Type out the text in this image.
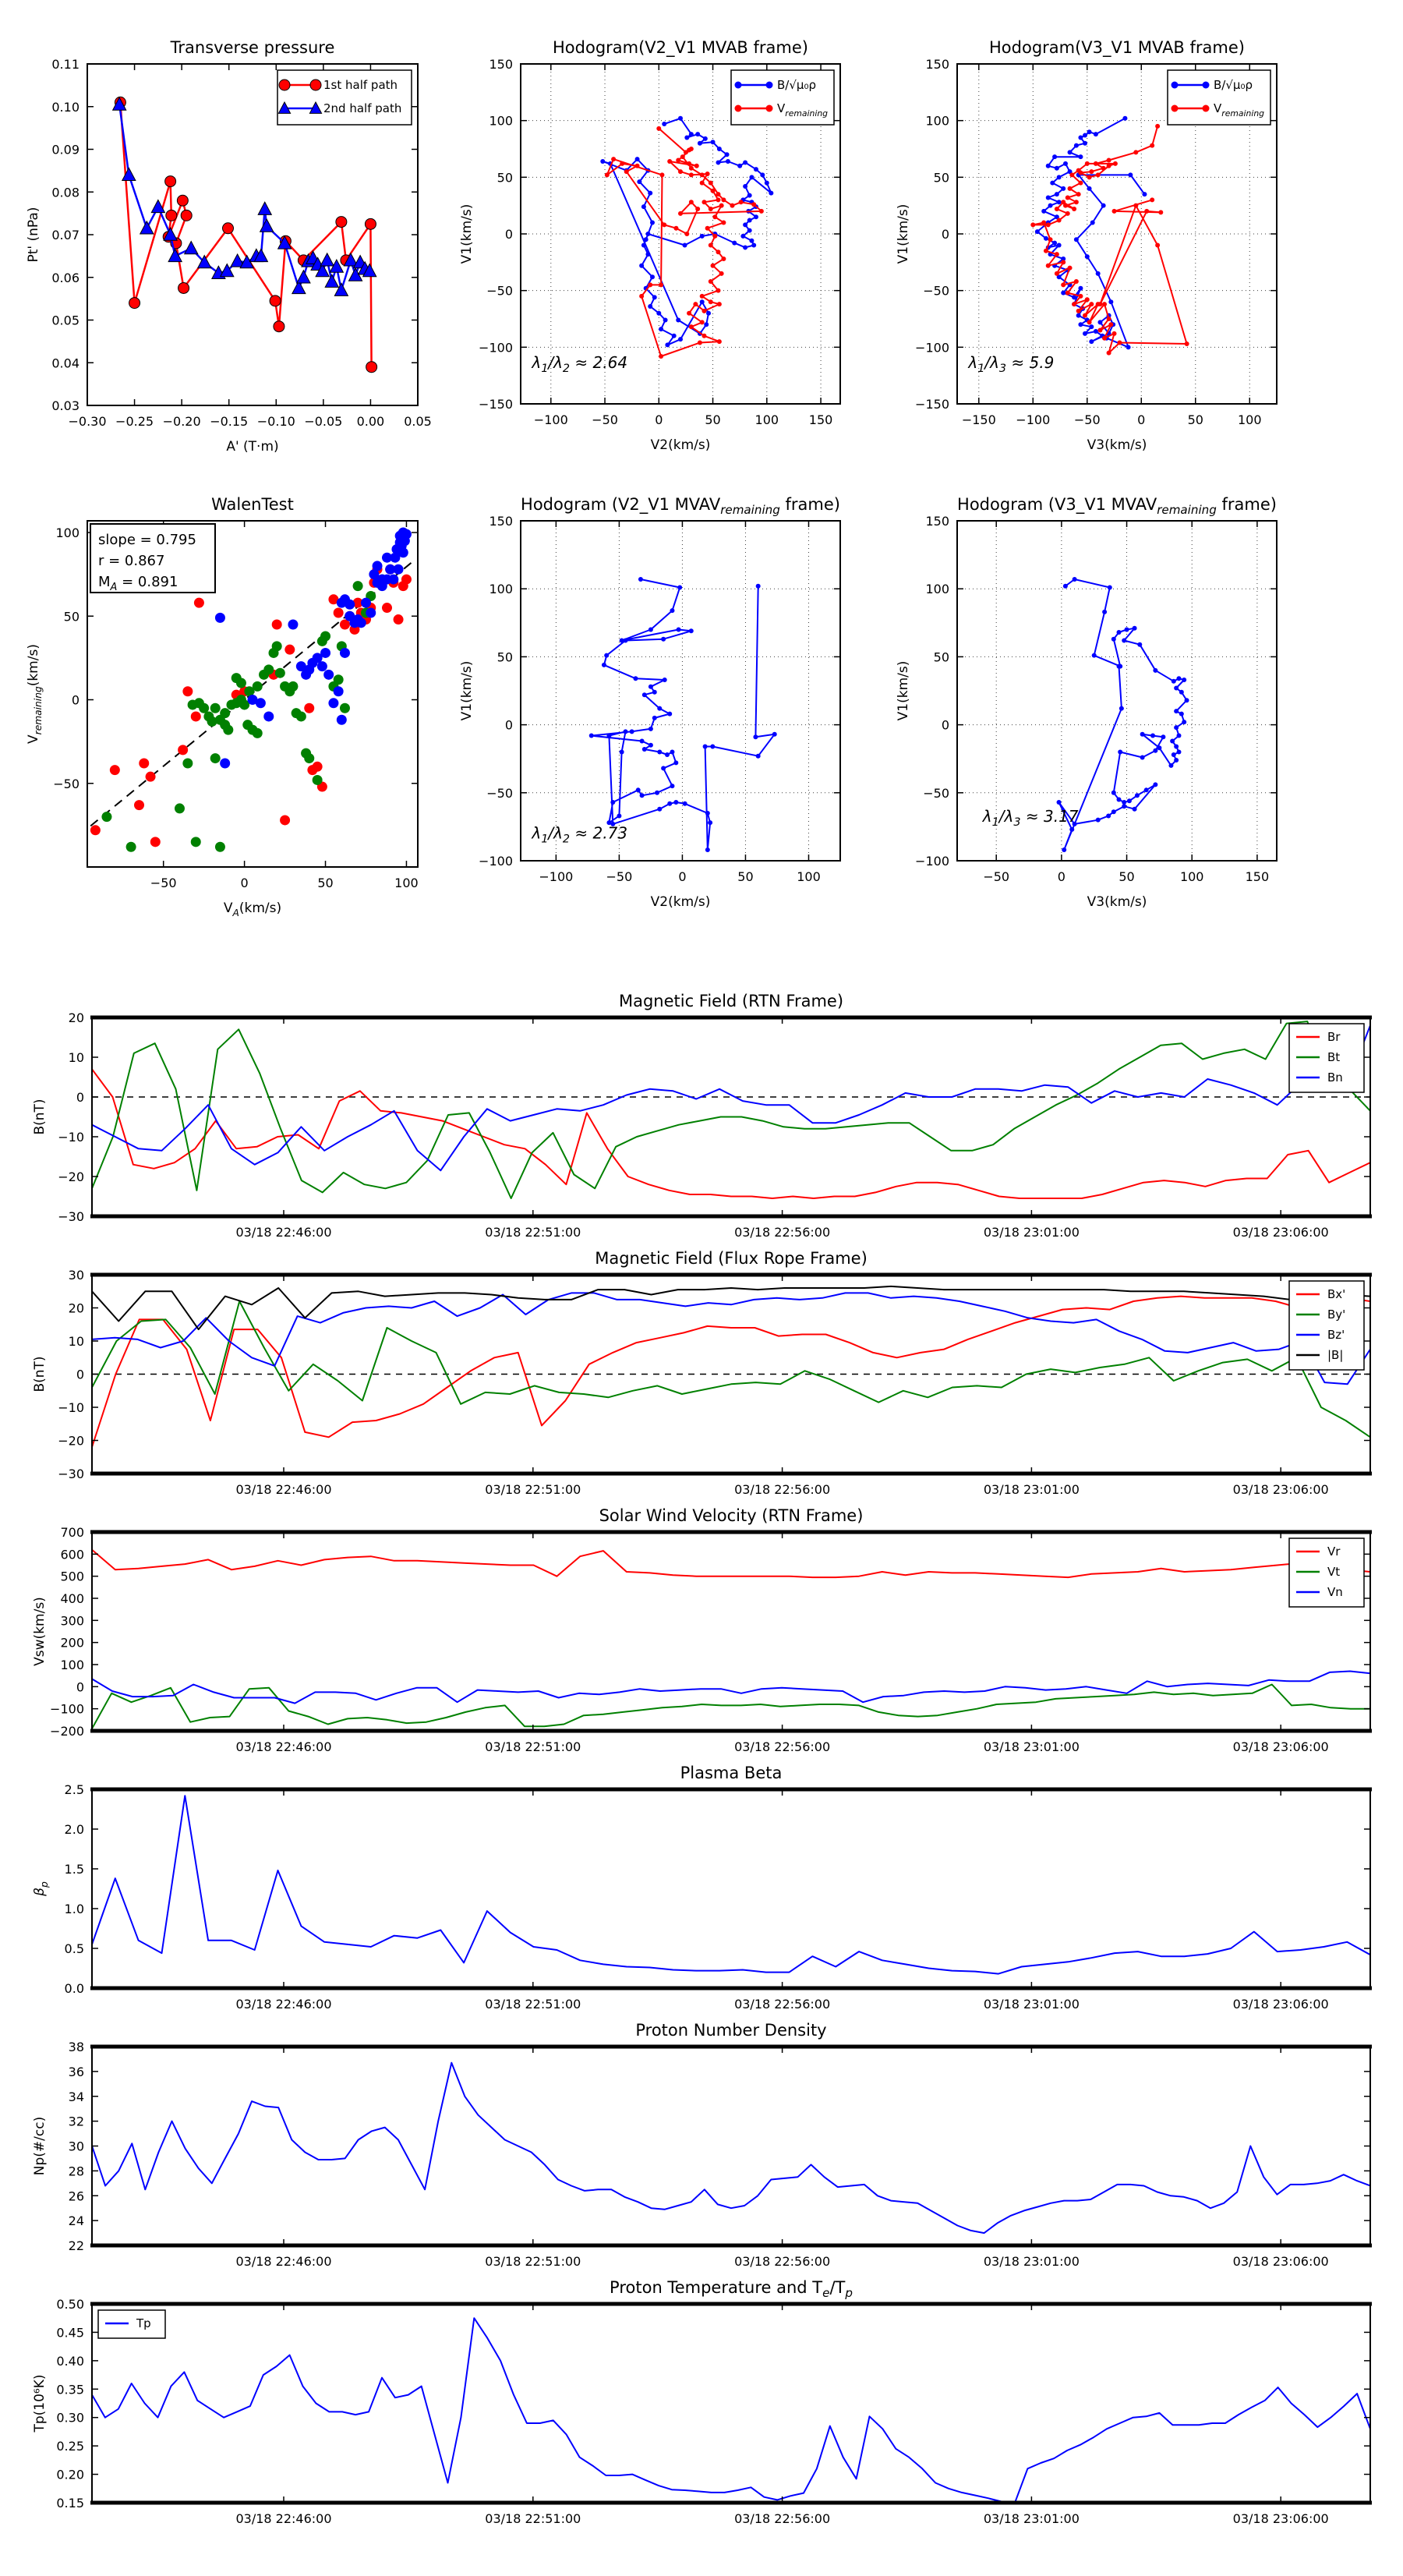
−0.30 −0.25 −0.20 −0.15 −0.10 −0.05 0.00 0.05
0.03
0.04
0.05
0.06
0.07
0.08
0.09
0.10
0.11
Transverse pressure
A' (T·m)
Pt' (nPa)
1st half path
2nd half path
−100 −50	0	50	100 150
−150
−100
−50
0
50
100
150
Hodogram(V2_V1 MVAB frame)
V2(km/s)
V1(km/s)
B/√μ₀ρ
$V_{remaining}$
$\lambda_1/\lambda_2 \approx 2.64$
−150 −100 −50	0	50	100
−150
−100
−50
0
50
100
150
Hodogram(V3_V1 MVAB frame)
V3(km/s)
V1(km/s)
B/√μ₀ρ
$V_{remaining}$
$\lambda_1/\lambda_3 \approx 5.9$
−50	0	50	100
−50
0
50
100
WalenTest
$V_A(km/s)$
$V_{remaining}(km/s)$
slope = 0.795
r = 0.867
$M_A = 0.891$
−100	−50	0	50	100
−100
−50
0
50
100
150
Hodogram (V2_V1 $MVAV_{remaining}$ frame)
V2(km/s)
V1(km/s)
$\lambda_1/\lambda_2 \approx 2.73$
−50	0	50	100	150
−100
−50
0
50
100
150
Hodogram (V3_V1 $MVAV_{remaining}$ frame)
V3(km/s)
V1(km/s)
$\lambda_1/\lambda_3 \approx 3.17$
03/18 22:46:00	03/18 22:51:00	03/18 22:56:00	03/18 23:01:00	03/18 23:06:00
−30
−20
−10
0
10
20
Magnetic Field (RTN Frame)
B(nT)
Br
Bt
Bn
03/18 22:46:00	03/18 22:51:00	03/18 22:56:00	03/18 23:01:00	03/18 23:06:00
−30
−20
−10
0
10
20
30
Magnetic Field (Flux Rope Frame)
B(nT)
Bx'
By'
Bz'
|B|
03/18 22:46:00	03/18 22:51:00	03/18 22:56:00	03/18 23:01:00	03/18 23:06:00
−200
−100
0
100
200
300
400
500
600
700
Solar Wind Velocity (RTN Frame)
Vsw(km/s)
Vr
Vt
Vn
03/18 22:46:00	03/18 22:51:00	03/18 22:56:00	03/18 23:01:00	03/18 23:06:00
0.0
0.5
1.0
1.5
2.0
2.5
Plasma Beta
$\beta_p$
03/18 22:46:00	03/18 22:51:00	03/18 22:56:00	03/18 23:01:00	03/18 23:06:00
22
24
26
28
30
32
34
36
38
Proton Number Density
Np(#/cc)
03/18 22:46:00	03/18 22:51:00	03/18 22:56:00	03/18 23:01:00	03/18 23:06:00
0.15
0.20
0.25
0.30
0.35
0.40
0.45
0.50
Proton Temperature and $T_e/T_p$
Tp(10⁶K)
Tp
